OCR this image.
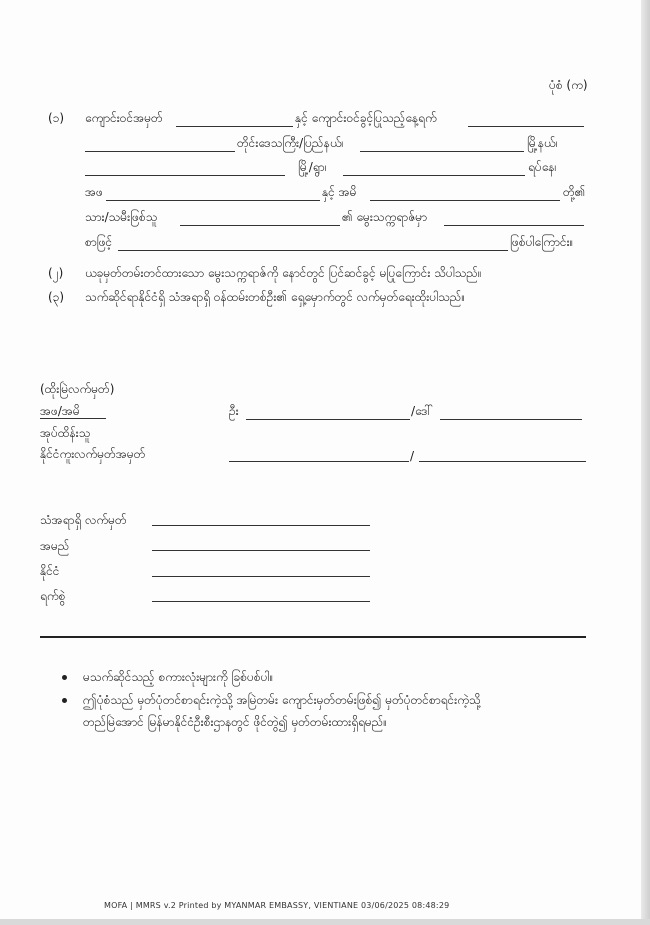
ပုံစံ (က)
(၁) ကျောင်းဝင်အမှတ်	နှင့် ကျောင်းဝင်ခွင့်ပြုသည့်နေ့ရက်
တိုင်းဒေသကြီး/ပြည်နယ်၊	မြို့နယ်၊
မြို့/ရွာ၊	ရပ်နေ၊
အဖ	နှင့် အမိ	တို့၏
သား/သမီးဖြစ်သူ	၏ မွေးသက္ကရာဇ်မှာ
စာဖြင့်	ဖြစ်ပါကြောင်း။
(၂) ယခုမှတ်တမ်းတင်ထားသော မွေးသက္ကရာဇ်ကို နောင်တွင် ပြင်ဆင်ခွင့် မပြုကြောင်း သိပါသည်။
(၃) သက်ဆိုင်ရာနိုင်ငံရှိ သံအရာရှိ ဝန်ထမ်းတစ်ဦး၏ ရှေ့မှောက်တွင် လက်မှတ်ရေးထိုးပါသည်။
(ထိုးမြဲလက်မှတ်)
အဖ/အမိ	ဦး	/ဒေါ်
အုပ်ထိန်းသူ
နိုင်ငံကူးလက်မှတ်အမှတ်	/
သံအရာရှိ လက်မှတ်
အမည်
နိုင်ငံ
ရက်စွဲ
မသက်ဆိုင်သည့် စကားလုံးများကို ခြစ်ပစ်ပါ။
ဤပုံစံသည် မှတ်ပုံတင်စာရင်းကဲ့သို့ အမြဲတမ်း ကျောင်းမှတ်တမ်းဖြစ်၍ မှတ်ပုံတင်စာရင်းကဲ့သို့
တည်မြဲအောင် မြန်မာနိုင်ငံဦးစီးဌာနတွင် ဖိုင်တွဲ၍ မှတ်တမ်းထားရှိရမည်။
MOFA | MMRS v.2 Printed by MYANMAR EMBASSY, VIENTIANE 03/06/2025 08:48:29
